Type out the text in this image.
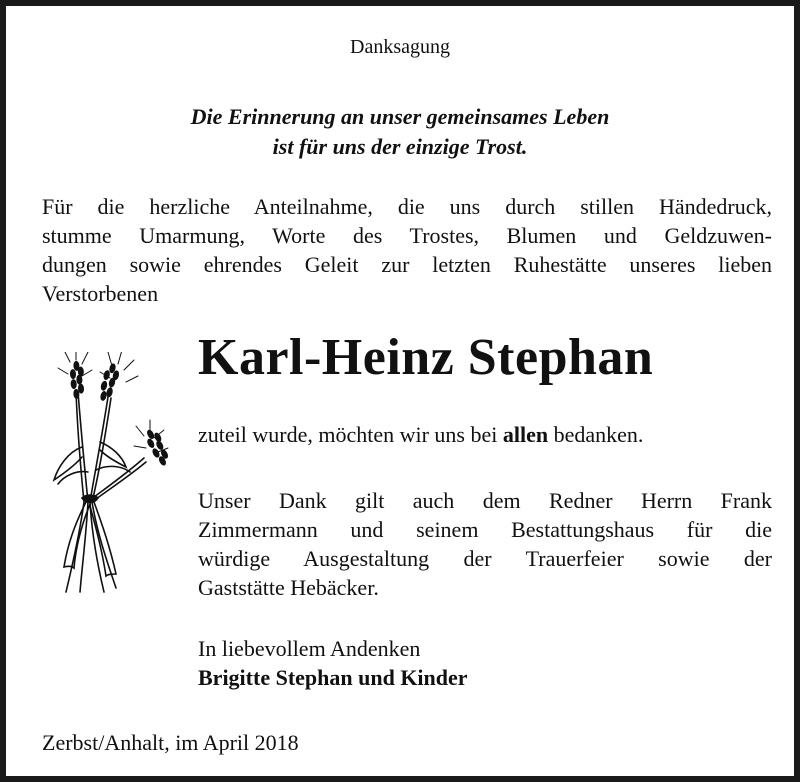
Danksagung
Die Erinnerung an unser gemeinsames Leben
ist für uns der einzige Trost.
Für die herzliche Anteilnahme, die uns durch stillen Händedruck,
stumme Umarmung, Worte des Trostes, Blumen und Geldzuwen-
dungen sowie ehrendes Geleit zur letzten Ruhestätte unseres lieben
Verstorbenen
Karl-Heinz Stephan
zuteil wurde, möchten wir uns bei allen bedanken.
Unser Dank gilt auch dem Redner Herrn Frank
Zimmermann und seinem Bestattungshaus für die
würdige Ausgestaltung der Trauerfeier sowie der
Gaststätte Hebäcker.
In liebevollem Andenken
Brigitte Stephan und Kinder
Zerbst/Anhalt, im April 2018
